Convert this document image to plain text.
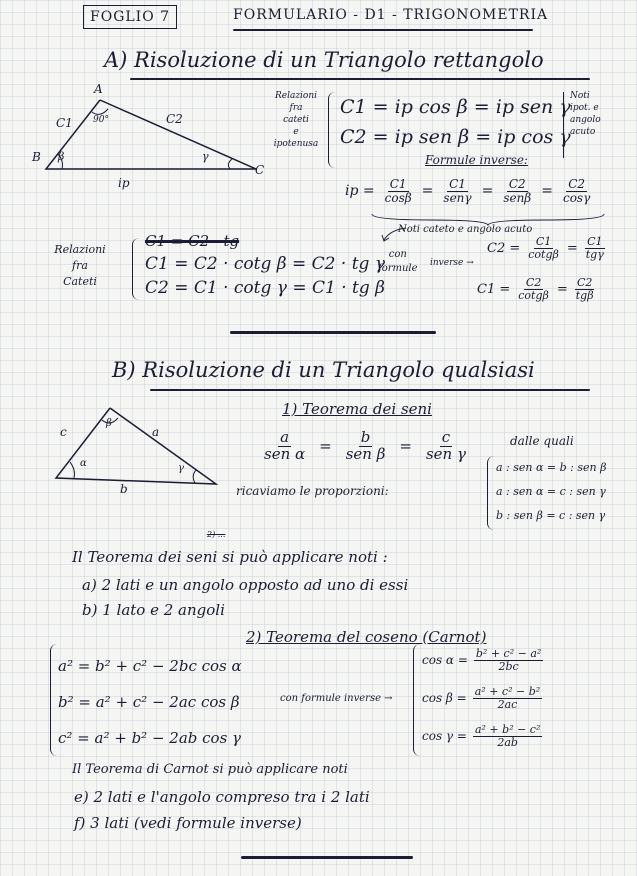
FOGLIO 7	FORMULARIO - D1 - TRIGONOMETRIA
A) Risoluzione di un Triangolo rettangolo
A
B
C
90°
β	γ
C1	C2
ip
Relazioni
fra
cateti
e
ipotenusa
C1 = ip cos β = ip sen γ
C2 = ip sen β = ip cos γ
Noti
ipot. e
angolo
acuto
Formule inverse:
ip = $\frac{C1}{\cos\beta} = \frac{C1}{\text{senγ}} = \frac{C2}{\text{senβ}} = \frac{C2}{\cos\gamma}$
Noti cateto e angolo acuto
Relazioni
fra
Cateti
C1 = C2 · tg
C1 = C2 · cotg β = C2 · tg γ
C2 = C1 · cotg γ = C1 · tg β
con
formule inverse →
$C2 = \frac{C1}{\cot g\beta} = \frac{C1}{\text{tgγ}}$
$C1 = \frac{C2}{\cot g\beta} = \frac{C2}{\text{tgβ}}$
B) Risoluzione di un Triangolo qualsiasi
c	a
b
α
β
γ
1) Teorema dei seni
$\frac{a}{\text{sen α}} = \frac{b}{\text{sen β}} = \frac{c}{\text{sen γ}}$	dalle quali
ricaviamo le proporzioni:
a : sen α = b : sen β
a : sen α = c : sen γ
b : sen β = c : sen γ
2) ...
Il Teorema dei seni si può applicare noti :
a) 2 lati e un angolo opposto ad uno di essi
b) 1 lato e 2 angoli
2) Teorema del coseno (Carnot)
a² = b² + c² − 2bc cos α
b² = a² + c² − 2ac cos β
c² = a² + b² − 2ab cos γ
con formule inverse →
$\cos \alpha = \frac{\text{b² + c² − a²}}{2bc}$
$\cos \beta = \frac{\text{a² + c² − b²}}{2ac}$
$\cos \gamma = \frac{\text{a² + b² − c²}}{2ab}$
Il Teorema di Carnot si può applicare noti
e) 2 lati e l'angolo compreso tra i 2 lati
f) 3 lati (vedi formule inverse)
